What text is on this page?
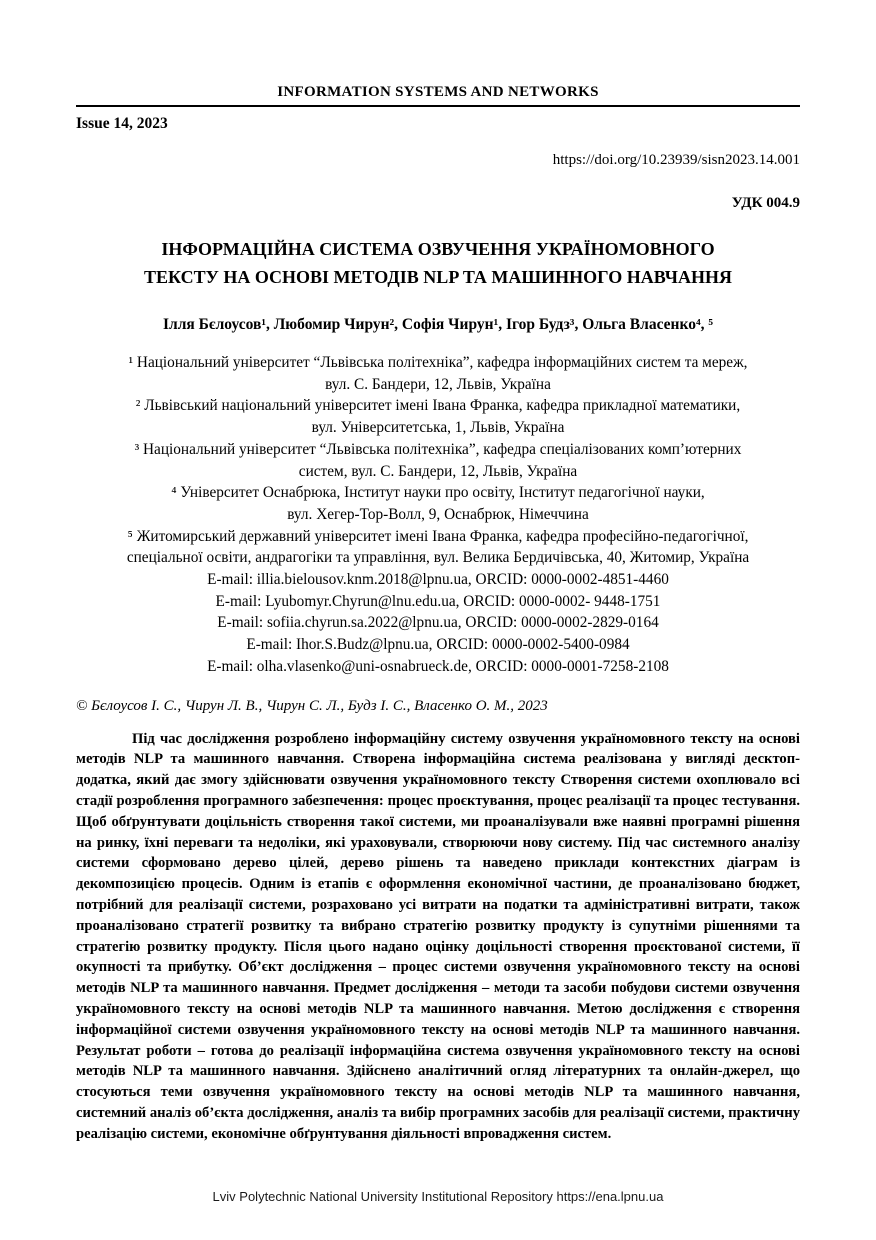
INFORMATION SYSTEMS AND NETWORKS
Issue 14, 2023
https://doi.org/10.23939/sisn2023.14.001
УДК 004.9
ІНФОРМАЦІЙНА СИСТЕМА ОЗВУЧЕННЯ УКРАЇНОМОВНОГО
ТЕКСТУ НА ОСНОВІ МЕТОДІВ NLP ТА МАШИННОГО НАВЧАННЯ
Ілля Бєлоусов¹, Любомир Чирун², Софія Чирун¹, Ігор Будз³, Ольга Власенко⁴, ⁵
¹ Національний університет “Львівська політехніка”, кафедра інформаційних систем та мереж,
вул. С. Бандери, 12, Львів, Україна
² Львівський національний університет імені Івана Франка, кафедра прикладної математики,
вул. Університетська, 1, Львів, Україна
³ Національний університет “Львівська політехніка”, кафедра спеціалізованих комп’ютерних
систем, вул. С. Бандери, 12, Львів, Україна
⁴ Університет Оснабрюка, Інститут науки про освіту, Інститут педагогічної науки,
вул. Хегер-Тор-Волл, 9, Оснабрюк, Німеччина
⁵ Житомирський державний університет імені Івана Франка, кафедра професійно-педагогічної,
спеціальної освіти, андрагогіки та управління, вул. Велика Бердичівська, 40, Житомир, Україна
E-mail: illia.bielousov.knm.2018@lpnu.ua, ORCID: 0000-0002-4851-4460
E-mail: Lyubomyr.Chyrun@lnu.edu.ua, ORCID: 0000-0002- 9448-1751
E-mail: sofiia.chyrun.sa.2022@lpnu.ua, ORCID: 0000-0002-2829-0164
E-mail: Ihor.S.Budz@lpnu.ua, ORCID: 0000-0002-5400-0984
E-mail: olha.vlasenko@uni-osnabrueck.de, ORCID: 0000-0001-7258-2108
© Бєлоусов І. С., Чирун Л. В., Чирун С. Л., Будз І. С., Власенко О. М., 2023

Під час дослідження розроблено інформаційну систему озвучення україномовного тексту на основі методів NLP та машинного навчання. Створена інформаційна система реалізована у вигляді десктоп-додатка, який дає змогу здійснювати озвучення україномовного тексту Створення системи охоплювало всі стадії розроблення програмного забезпечення: процес проєктування, процес реалізації та процес тестування. Щоб обґрунтувати доцільність створення такої системи, ми проаналізували вже наявні програмні рішення на ринку, їхні переваги та недоліки, які ураховували, створюючи нову систему. Під час системного аналізу системи сформовано дерево цілей, дерево рішень та наведено приклади контекстних діаграм із декомпозицією процесів. Одним із етапів є оформлення економічної частини, де проаналізовано бюджет, потрібний для реалізації системи, розраховано усі витрати на податки та адміністративні витрати, також проаналізовано стратегії розвитку та вибрано стратегію розвитку продукту із супутніми рішеннями та стратегію розвитку продукту. Після цього надано оцінку доцільності створення проєктованої системи, її окупності та прибутку. Об’єкт дослідження – процес системи озвучення україномовного тексту на основі методів NLP та машинного навчання. Предмет дослідження – методи та засоби побудови системи озвучення україномовного тексту на основі методів NLP та машинного навчання. Метою дослідження є створення інформаційної системи озвучення україномовного тексту на основі методів NLP та машинного навчання. Результат роботи – готова до реалізації інформаційна система озвучення україномовного тексту на основі методів NLP та машинного навчання. Здійснено аналітичний огляд літературних та онлайн-джерел, що стосуються теми озвучення україномовного тексту на основі методів NLP та машинного навчання, системний аналіз об’єкта дослідження, аналіз та вибір програмних засобів для реалізації системи, практичну реалізацію системи, економічне обґрунтування діяльності впровадження систем.

Lviv Polytechnic National University Institutional Repository https://ena.lpnu.ua
